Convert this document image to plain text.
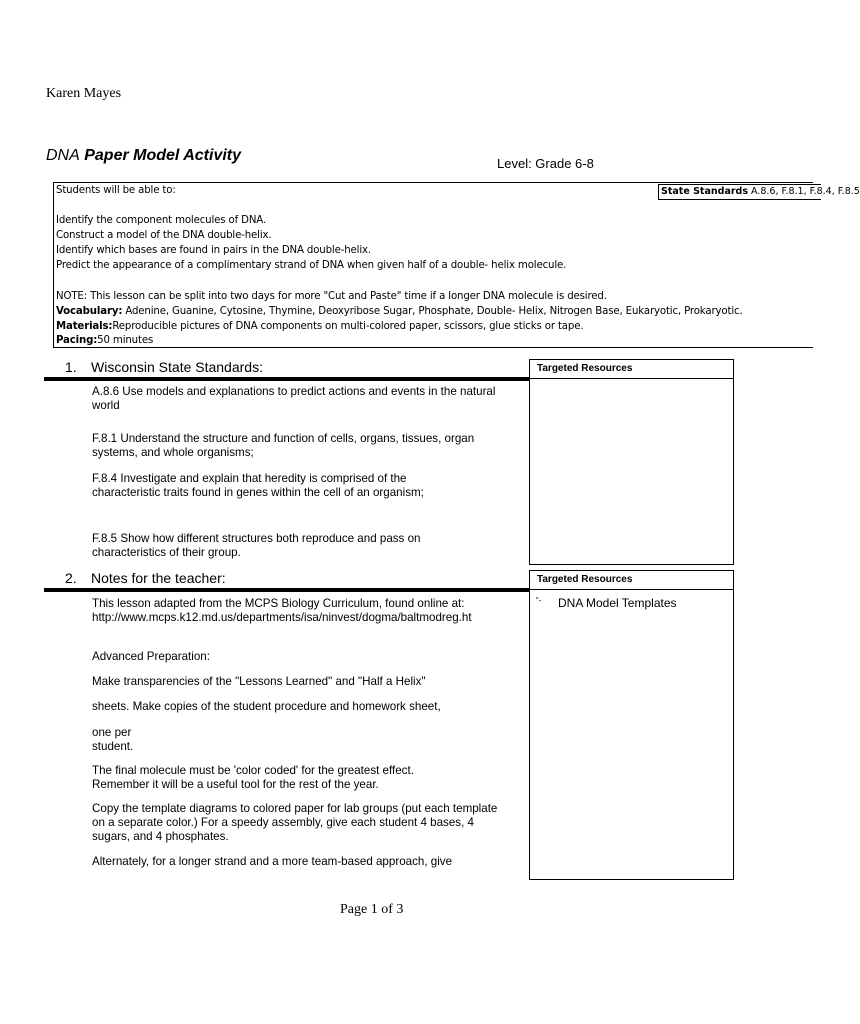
Karen Mayes
DNA Paper Model Activity	Level: Grade 6-8
Students will be able to:	State Standards A.8.6, F.8.1, F.8.4, F.8.5
Identify the component molecules of DNA.
Construct a model of the DNA double-helix.
Identify which bases are found in pairs in the DNA double-helix.
Predict the appearance of a complimentary strand of DNA when given half of a double- helix molecule.
NOTE: This lesson can be split into two days for more "Cut and Paste" time if a longer DNA molecule is desired.
Vocabulary: Adenine, Guanine, Cytosine, Thymine, Deoxyribose Sugar, Phosphate, Double- Helix, Nitrogen Base, Eukaryotic, Prokaryotic.
Materials:Reproducible pictures of DNA components on multi-colored paper, scissors, glue sticks or tape.
Pacing:50 minutes
1. Wisconsin State Standards:	Targeted Resources
A.8.6 Use models and explanations to predict actions and events in the natural world
F.8.1 Understand the structure and function of cells, organs, tissues, organ systems, and whole organisms;
F.8.4 Investigate and explain that heredity is comprised of the characteristic traits found in genes within the cell of an organism;
F.8.5 Show how different structures both reproduce and pass on characteristics of their group.
2. Notes for the teacher:	Targeted Resources
“- DNA Model Templates
This lesson adapted from the MCPS Biology Curriculum, found online at: http://www.mcps.k12.md.us/departments/isa/ninvest/dogma/baltmodreg.ht
Advanced Preparation:
Make transparencies of the "Lessons Learned" and "Half a Helix"
sheets. Make copies of the student procedure and homework sheet,
one per student.
The final molecule must be 'color coded' for the greatest effect. Remember it will be a useful tool for the rest of the year.
Copy the template diagrams to colored paper for lab groups (put each template on a separate color.) For a speedy assembly, give each student 4 bases, 4 sugars, and 4 phosphates.
Alternately, for a longer strand and a more team-based approach, give
Page 1 of 3
